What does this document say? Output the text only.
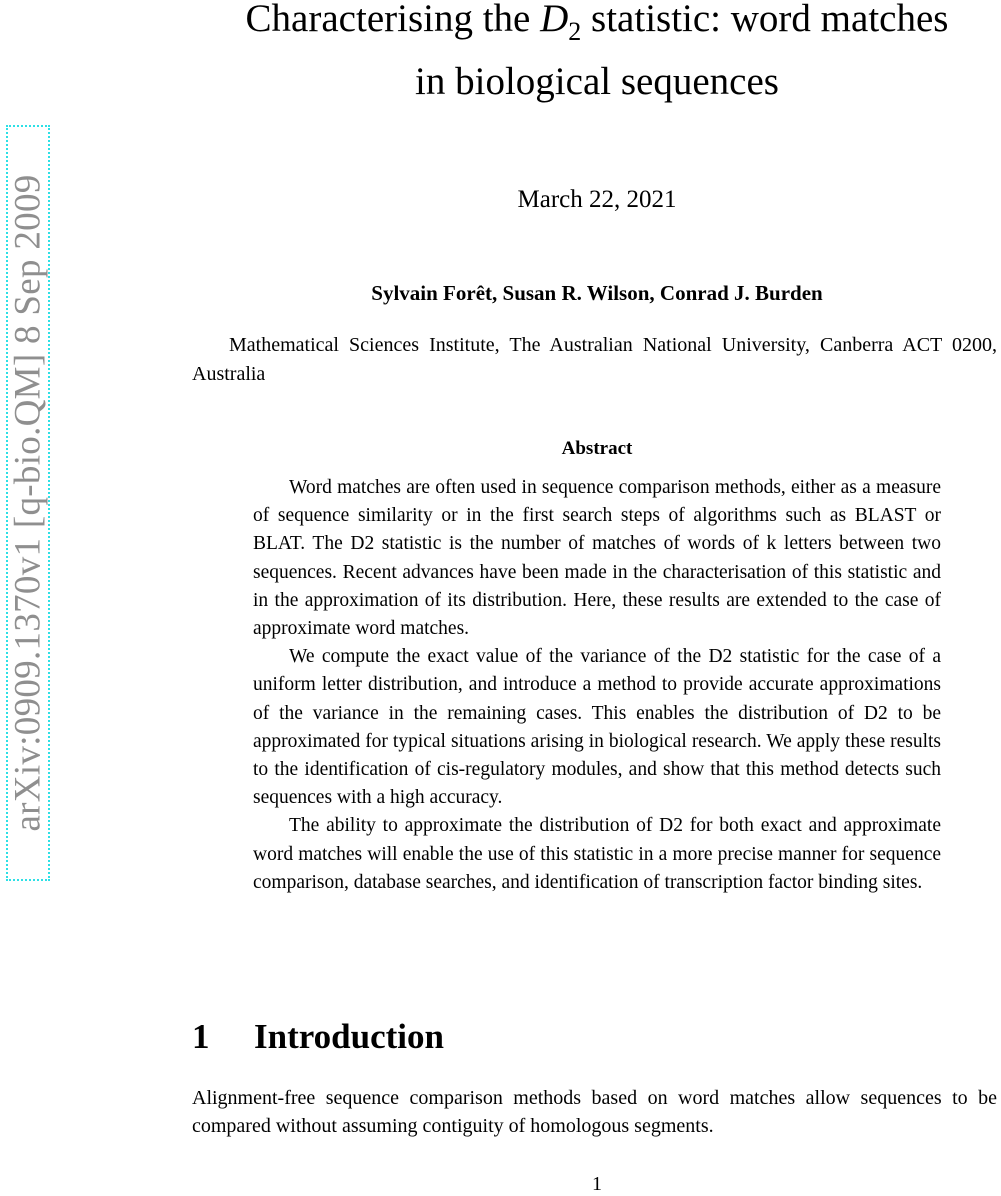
arXiv:0909.1370v1 [q-bio.QM] 8 Sep 2009
Characterising the $D_2$ statistic: word matches
in biological sequences
March 22, 2021
Sylvain Forêt, Susan R. Wilson, Conrad J. Burden

Mathematical Sciences Institute, The Australian National University, Canberra ACT 0200, Australia

Abstract

Word matches are often used in sequence comparison methods, either as a measure of sequence similarity or in the first search steps of algorithms such as BLAST or BLAT. The D2 statistic is the number of matches of words of k letters between two sequences. Recent advances have been made in the characterisation of this statistic and in the approximation of its distribution. Here, these results are extended to the case of approximate word matches.

We compute the exact value of the variance of the D2 statistic for the case of a uniform letter distribution, and introduce a method to provide accurate approximations of the variance in the remaining cases. This enables the distribution of D2 to be approximated for typical situations arising in biological research. We apply these results to the identification of cis-regulatory modules, and show that this method detects such sequences with a high accuracy.

The ability to approximate the distribution of D2 for both exact and approximate word matches will enable the use of this statistic in a more precise manner for sequence comparison, database searches, and identification of transcription factor binding sites.

1 Introduction

Alignment-free sequence comparison methods based on word matches allow sequences to be compared without assuming contiguity of homologous segments.

1
